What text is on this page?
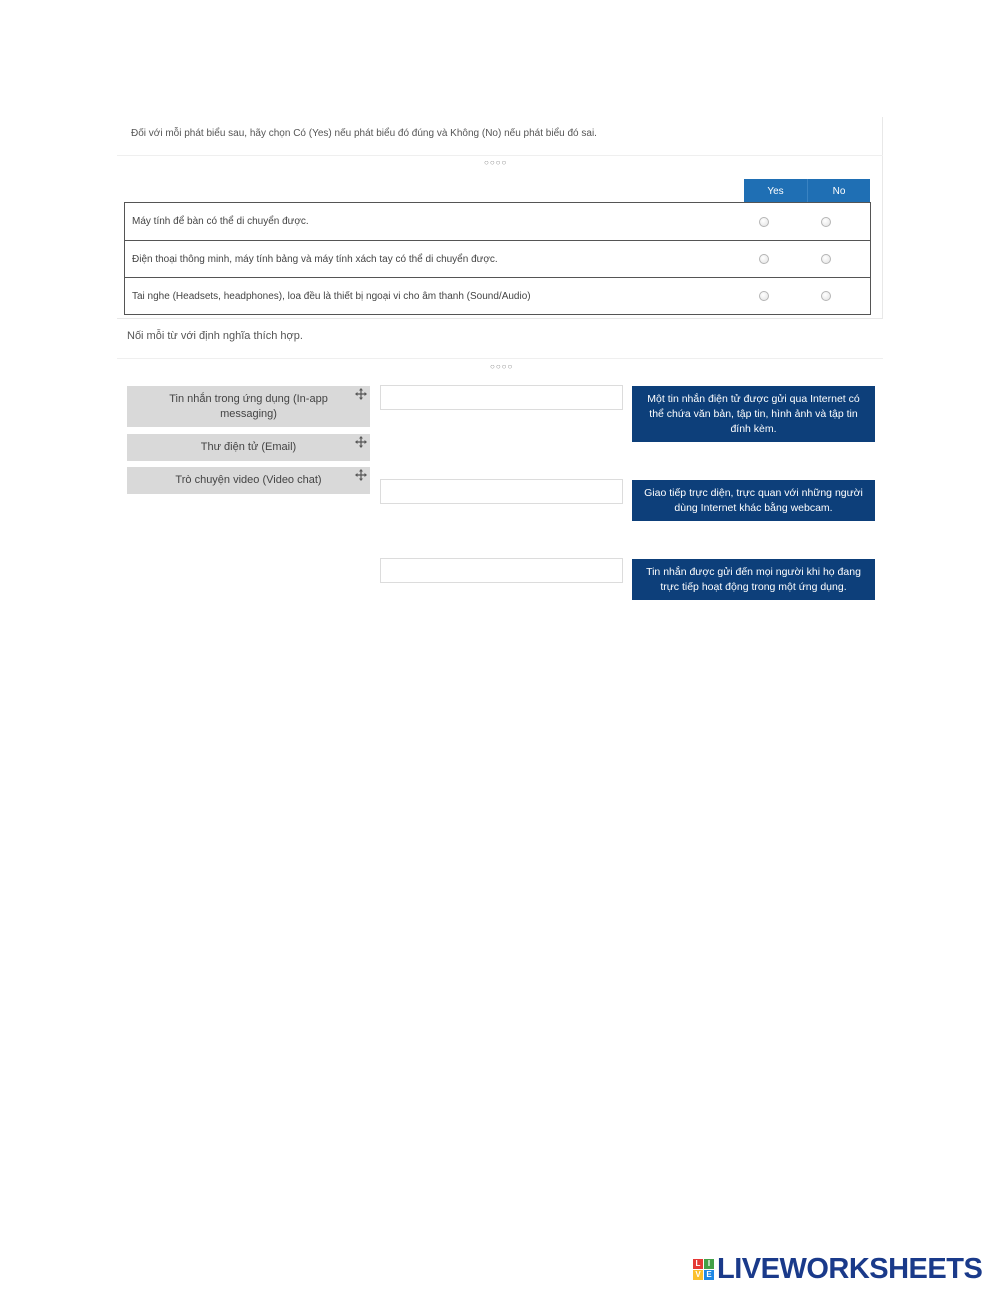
Đối với mỗi phát biểu sau, hãy chọn Có (Yes) nếu phát biểu đó đúng và Không (No) nếu phát biểu đó sai.
○○○○
Yes	No
Máy tính để bàn có thể di chuyển được.
Điện thoại thông minh, máy tính bảng và máy tính xách tay có thể di chuyển được.
Tai nghe (Headsets, headphones), loa đều là thiết bị ngoại vi cho âm thanh (Sound/Audio)
Nối mỗi từ với định nghĩa thích hợp.
○○○○
Tin nhắn trong ứng dụng (In-app messaging)
Thư điện tử (Email)
Trò chuyện video (Video chat)
Một tin nhắn điện tử được gửi qua Internet có thể chứa văn bản, tập tin, hình ảnh và tập tin đính kèm.
Giao tiếp trực diện, trực quan với những người dùng Internet khác bằng webcam.
Tin nhắn được gửi đến mọi người khi họ đang trực tiếp hoạt động trong một ứng dụng.
L I
V E LIVEWORKSHEETS
